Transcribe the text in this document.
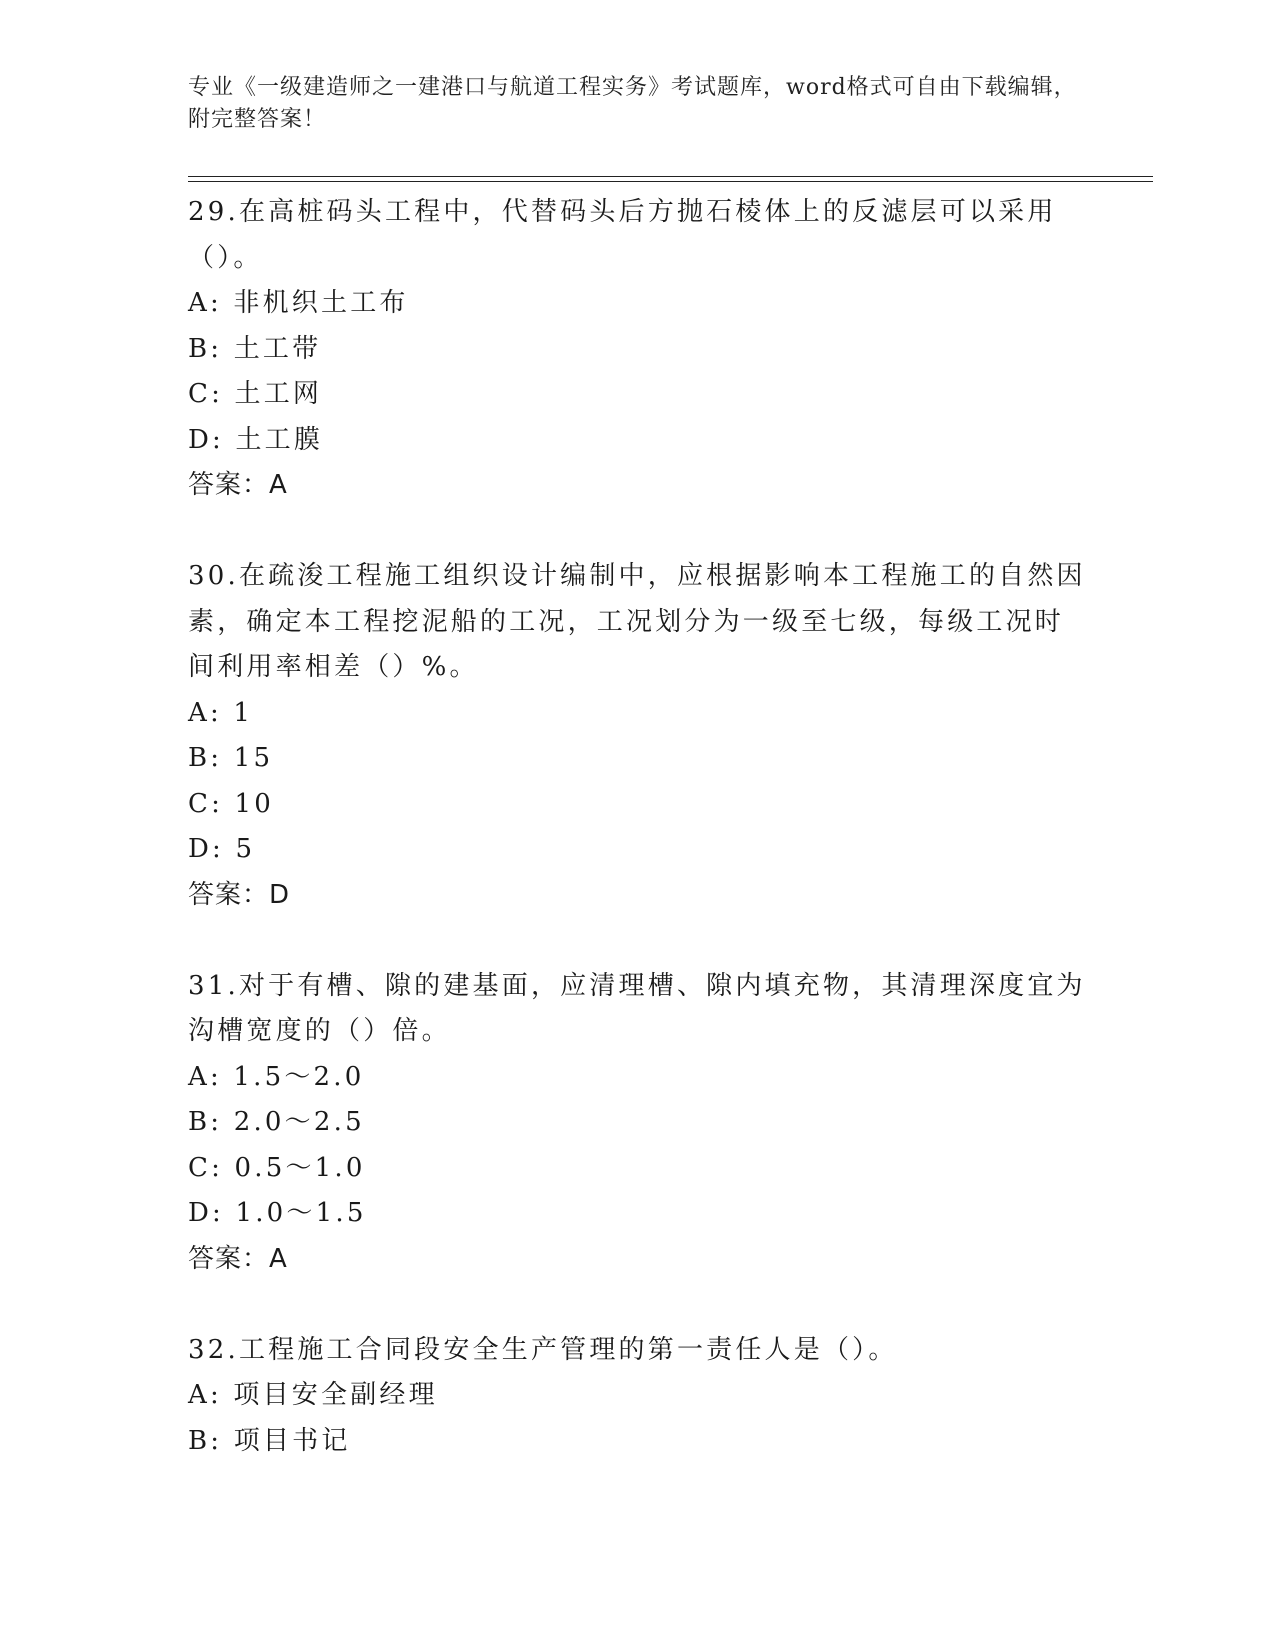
专业《一级建造师之一建港口与航道工程实务》考试题库，word格式可自由下载编辑，附完整答案！

29.在高桩码头工程中，代替码头后方抛石棱体上的反滤层可以采用（）。

A: 非机织土工布

B: 土工带

C: 土工网

D: 土工膜

答案：A

30.在疏浚工程施工组织设计编制中，应根据影响本工程施工的自然因素，确定本工程挖泥船的工况，工况划分为一级至七级，每级工况时间利用率相差（）%。

A: 1

B: 15

C: 10

D: 5

答案：D

31.对于有槽、隙的建基面，应清理槽、隙内填充物，其清理深度宜为沟槽宽度的（）倍。

A: 1.5～2.0

B: 2.0～2.5

C: 0.5～1.0

D: 1.0～1.5

答案：A

32.工程施工合同段安全生产管理的第一责任人是（）。

A: 项目安全副经理

B: 项目书记
